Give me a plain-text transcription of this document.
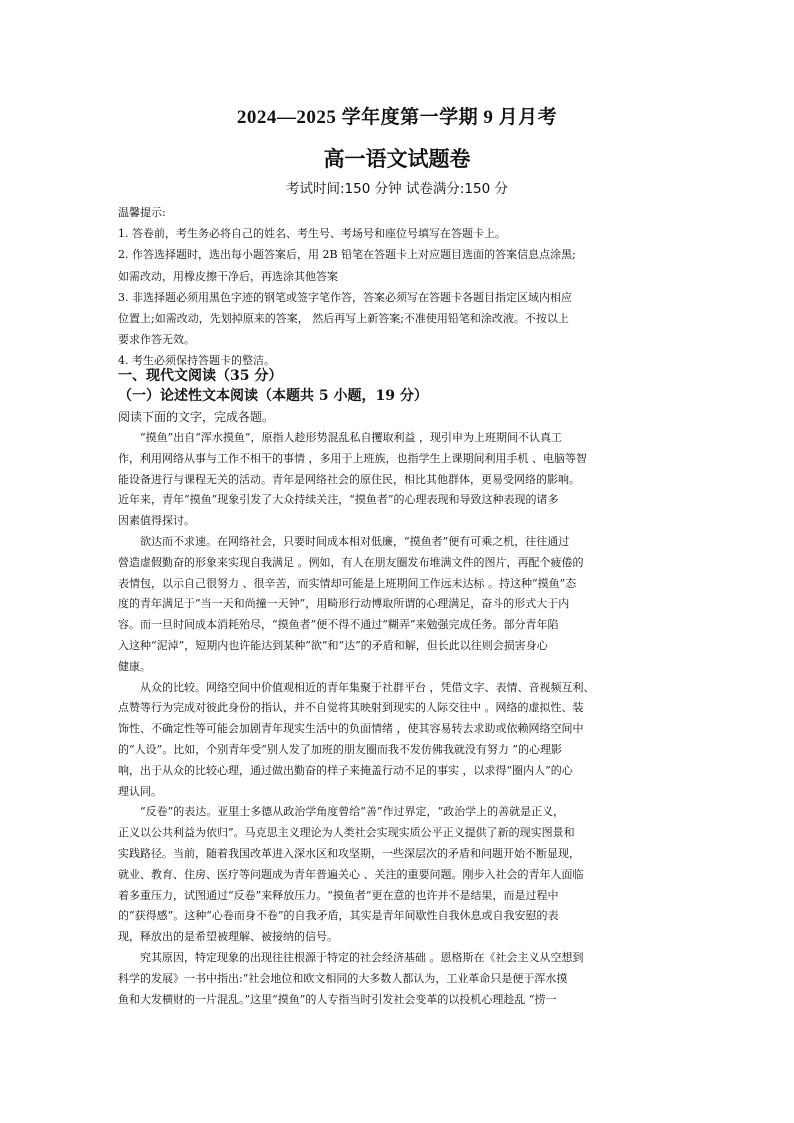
2024—2025 学年度第一学期 9 月月考
高一语文试题卷
考试时间:150 分钟 试卷满分:150 分

温馨提示:

1. 答卷前，考生务必将自己的姓名、考生号、考场号和座位号填写在答题卡上。

2. 作答选择题时，选出每小题答案后，用 2B 铅笔在答题卡上对应题目选面的答案信息点涂黑;

如需改动，用橡皮擦干净后，再选涂其他答案

3. 非选择题必须用黑色字迹的钢笔或签字笔作答，答案必须写在答题卡各题目指定区域内相应

位置上;如需改动，先划掉原来的答案， 然后再写上新答案;不准使用铅笔和涂改液。不按以上

要求作答无效。

4. 考生必须保持答题卡的整洁。

一、现代文阅读（35 分）
（一）论述性文本阅读（本题共 5 小题，19 分）
阅读下面的文字，完成各题。

“摸鱼”出自“浑水摸鱼”，原指人趁形势混乱私自攫取利益 ，现引申为上班期间不认真工

作，利用网络从事与工作不相干的事情 ，多用于上班族，也指学生上课期间利用手机 、电脑等智

能设备进行与课程无关的活动。青年是网络社会的原住民，相比其他群体，更易受网络的影响。

近年来，青年“摸鱼”现象引发了大众持续关注，“摸鱼者”的心理表现和导致这种表现的诸多

因素值得探讨。

欲达而不求速。在网络社会，只要时间成本相对低廉，“摸鱼者”便有可乘之机，往往通过

營造虚假勤奋的形象来实现自我满足 。例如，有人在朋友圈发布堆满文件的图片，再配个疲倦的

表情包，以示自己很努力 、很辛苦，而实情却可能是上班期间工作远未达标 。持这种“摸鱼”态

度的青年满足于“当一天和尚撞一天钟”，用畸形行动博取所谓的心理满足，奋斗的形式大于内

容。而一旦时间成本消耗殆尽，“摸鱼者”便不得不通过“糊弄”来勉强完成任务。部分青年陷

入这种“泥淖”，短期内也许能达到某种“欲”和“达”的矛盾和解，但长此以往则会损害身心

健康。

从众的比较。网络空间中价值观相近的青年集聚于社群平台 ，凭借文字、表情、音视频互利、

点赞等行为完成对彼此身份的指认，并不自觉将其映射到现实的人际交往中 。网络的虚拟性、装

饰性、不确定性等可能会加剧青年现实生活中的负面情绪 ，使其容易转去求助或依赖网络空间中

的“人设”。比如，个别青年受“别人发了加班的朋友圈而我不发仿佛我就没有努力 ”的心理影

响，出于从众的比较心理，通过做出勤奋的样子来掩盖行动不足的事实 ，以求得“圈内人”的心

理认同。

“反卷”的表达。亚里士多德从政治学角度曾给“善”作过界定，“政治学上的善就是正义，

正义以公共利益为依归”。马克思主义理论为人类社会实现实质公平正义提供了新的现实图景和

实践路径。当前，随着我国改革进入深水区和攻坚期，一些深层次的矛盾和问题开始不断显现，

就业、教育、住房、医疗等问题成为青年普遍关心 、关注的重要问题。刚步入社会的青年人面临

着多重压力，试图通过“反卷”来释放压力。“摸鱼者”更在意的也许并不是结果，而是过程中

的“获得感”。这种“心卷而身不卷”的自我矛盾，其实是青年间歇性自我休息或自我安慰的表

现，释放出的是希望被理解、被接纳的信号。

究其原因，特定现象的出现往往根源于特定的社会经济基础 。恩格斯在《社会主义从空想到

科学的发展》一书中指出:“社会地位和欧文相同的大多数人都认为，工业革命只是便于浑水摸

鱼和大发横财的一片混乱。”这里“摸鱼”的人专指当时引发社会变革的以投机心理趁乱 “捞一
